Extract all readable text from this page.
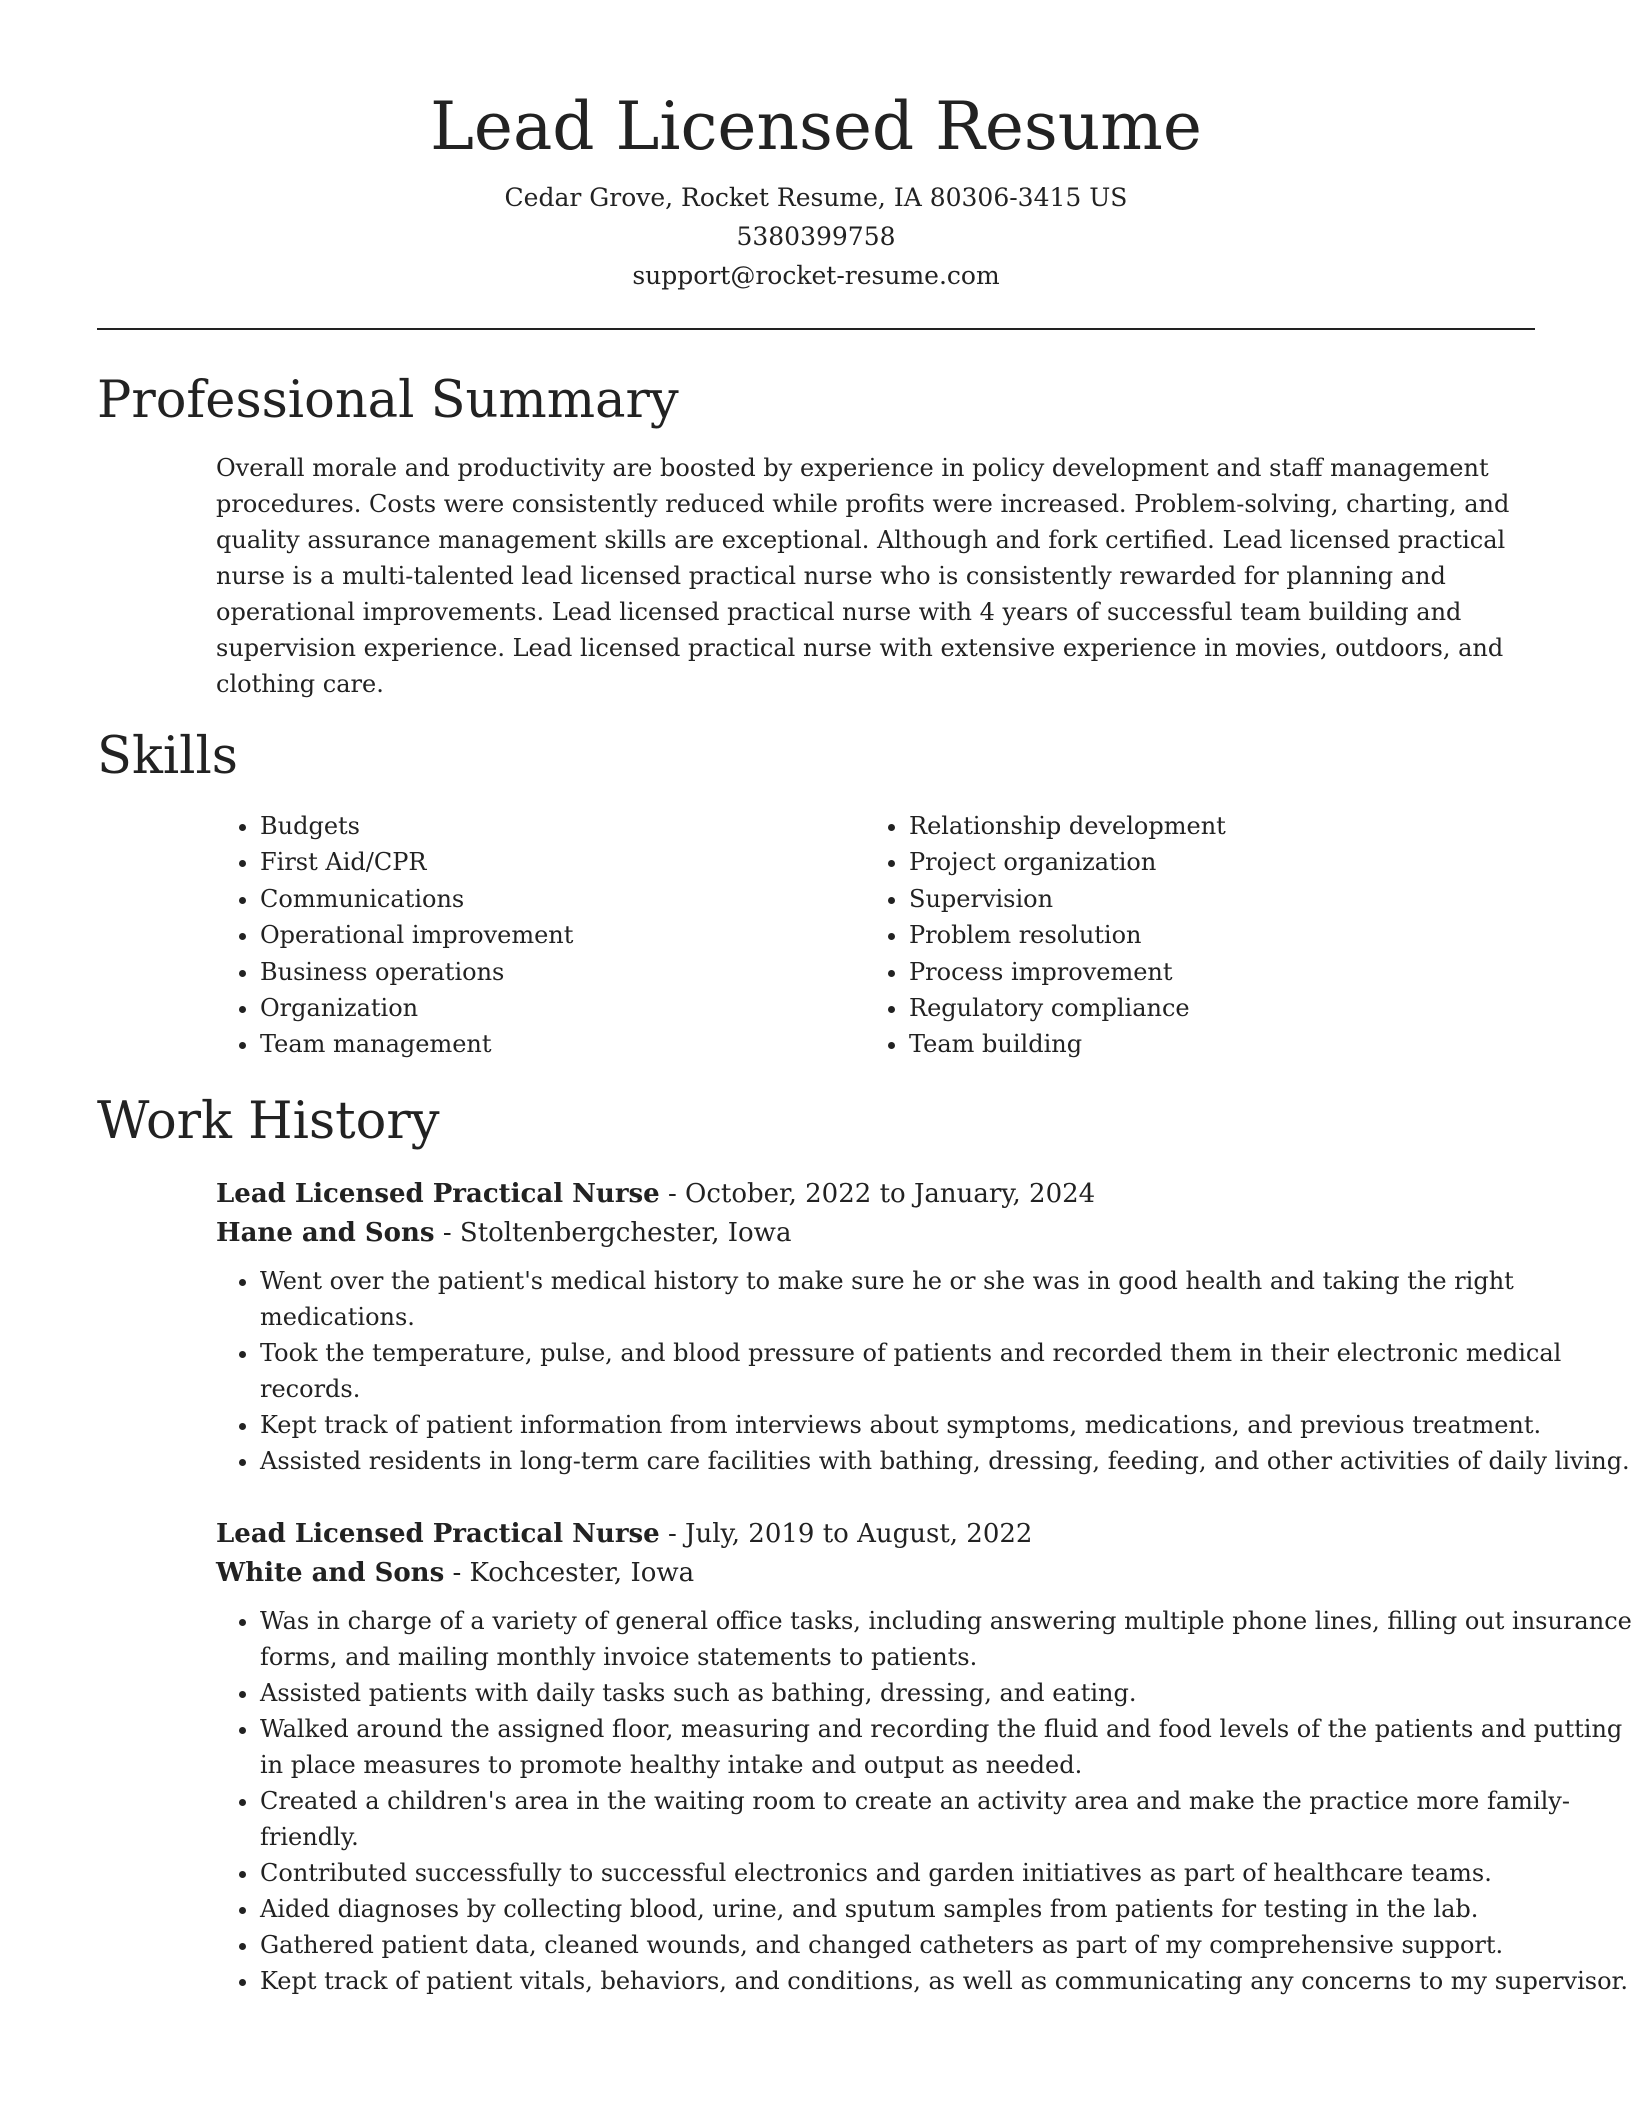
Lead Licensed Resume
Cedar Grove, Rocket Resume, IA 80306-3415 US
5380399758
support@rocket-resume.com
Professional Summary

Overall morale and productivity are boosted by experience in policy development and staff management procedures. Costs were consistently reduced while profits were increased. Problem-solving, charting, and quality assurance management skills are exceptional. Although and fork certified. Lead licensed practical nurse is a multi-talented lead licensed practical nurse who is consistently rewarded for planning and operational improvements. Lead licensed practical nurse with 4 years of successful team building and supervision experience. Lead licensed practical nurse with extensive experience in movies, outdoors, and clothing care.

Skills
• Budgets
• First Aid/CPR
• Communications
• Operational improvement
• Business operations
• Organization
• Team management
• Relationship development
• Project organization
• Supervision
• Problem resolution
• Process improvement
• Regulatory compliance
• Team building
Work History
Lead Licensed Practical Nurse - October, 2022 to January, 2024
Hane and Sons - Stoltenbergchester, Iowa
• Went over the patient's medical history to make sure he or she was in good health and taking the right medications.
• Took the temperature, pulse, and blood pressure of patients and recorded them in their electronic medical records.
• Kept track of patient information from interviews about symptoms, medications, and previous treatment.
• Assisted residents in long-term care facilities with bathing, dressing, feeding, and other activities of daily living.
Lead Licensed Practical Nurse - July, 2019 to August, 2022
White and Sons - Kochcester, Iowa
• Was in charge of a variety of general office tasks, including answering multiple phone lines, filling out insurance forms, and mailing monthly invoice statements to patients.
• Assisted patients with daily tasks such as bathing, dressing, and eating.
• Walked around the assigned floor, measuring and recording the fluid and food levels of the patients and putting in place measures to promote healthy intake and output as needed.
• Created a children's area in the waiting room to create an activity area and make the practice more family-friendly.
• Contributed successfully to successful electronics and garden initiatives as part of healthcare teams.
• Aided diagnoses by collecting blood, urine, and sputum samples from patients for testing in the lab.
• Gathered patient data, cleaned wounds, and changed catheters as part of my comprehensive support.
• Kept track of patient vitals, behaviors, and conditions, as well as communicating any concerns to my supervisor.
